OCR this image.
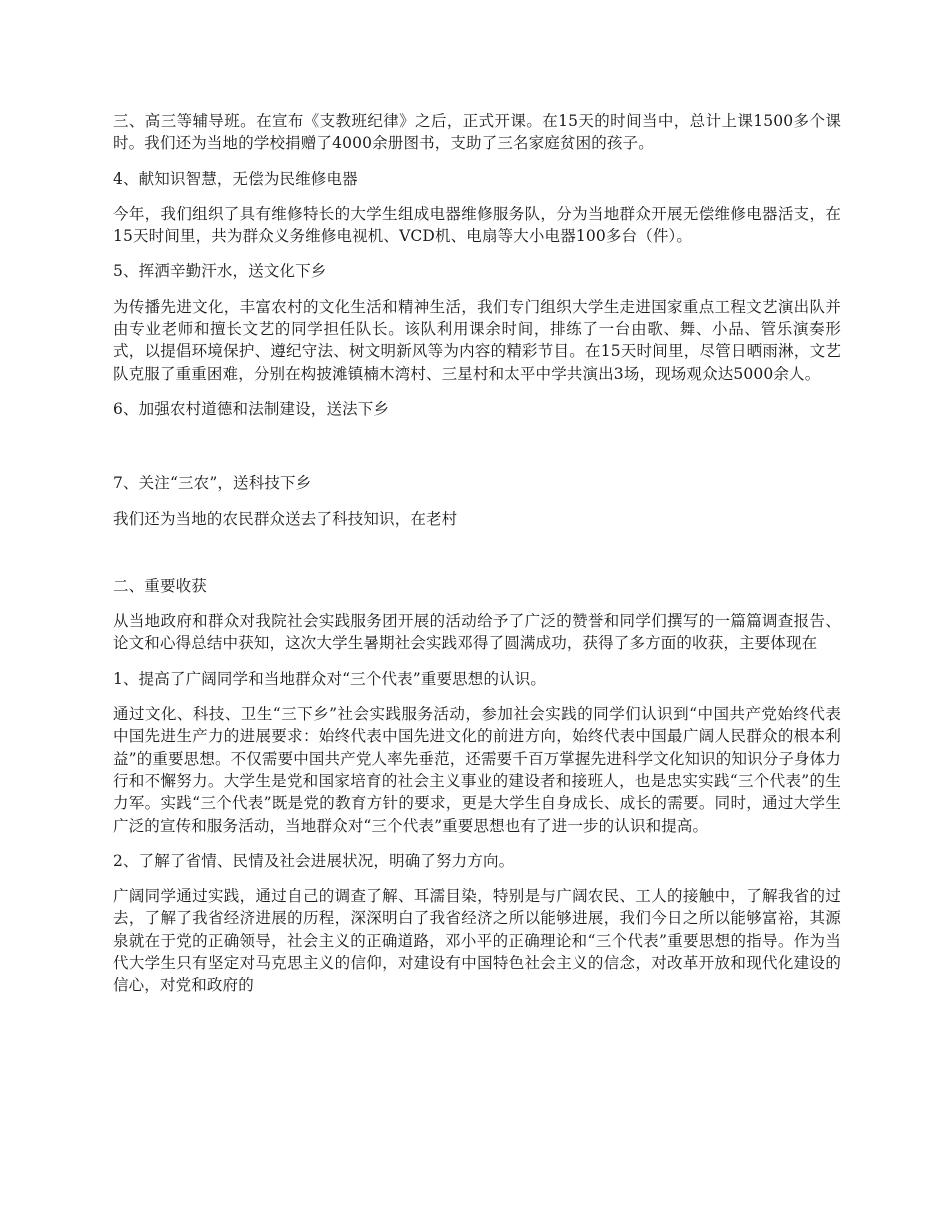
三、高三等辅导班。在宣布《支教班纪律》之后，正式开课。在15天的时间当中，总计上课1500多个课时。我们还为当地的学校捐赠了4000余册图书，支助了三名家庭贫困的孩子。

4、献知识智慧，无偿为民维修电器

今年，我们组织了具有维修特长的大学生组成电器维修服务队，分为当地群众开展无偿维修电器活支，在15天时间里，共为群众义务维修电视机、VCD机、电扇等大小电器100多台（件）。

5、挥洒辛勤汗水，送文化下乡

为传播先进文化，丰富农村的文化生活和精神生活，我们专门组织大学生走进国家重点工程文艺演出队并由专业老师和擅长文艺的同学担任队长。该队利用课余时间，排练了一台由歌、舞、小品、管乐演奏形式，以提倡环境保护、遵纪守法、树文明新风等为内容的精彩节目。在15天时间里，尽管日晒雨淋，文艺队克服了重重困难，分别在构披滩镇楠木湾村、三星村和太平中学共演出3场，现场观众达5000余人。

6、加强农村道德和法制建设，送法下乡

7、关注“三农”，送科技下乡

我们还为当地的农民群众送去了科技知识，在老村

二、重要收获

从当地政府和群众对我院社会实践服务团开展的活动给予了广泛的赞誉和同学们撰写的一篇篇调查报告、论文和心得总结中获知，这次大学生暑期社会实践邓得了圆满成功，获得了多方面的收获，主要体现在

1、提高了广阔同学和当地群众对“三个代表”重要思想的认识。

通过文化、科技、卫生“三下乡”社会实践服务活动，参加社会实践的同学们认识到“中国共产党始终代表中国先进生产力的进展要求：始终代表中国先进文化的前进方向，始终代表中国最广阔人民群众的根本利益”的重要思想。不仅需要中国共产党人率先垂范，还需要千百万掌握先进科学文化知识的知识分子身体力行和不懈努力。大学生是党和国家培育的社会主义事业的建设者和接班人，也是忠实实践“三个代表”的生力军。实践“三个代表”既是党的教育方针的要求，更是大学生自身成长、成长的需要。同时，通过大学生广泛的宣传和服务活动，当地群众对“三个代表”重要思想也有了进一步的认识和提高。

2、了解了省情、民情及社会进展状况，明确了努力方向。

广阔同学通过实践，通过自己的调查了解、耳濡目染，特别是与广阔农民、工人的接触中，了解我省的过去，了解了我省经济进展的历程，深深明白了我省经济之所以能够进展，我们今日之所以能够富裕，其源泉就在于党的正确领导，社会主义的正确道路，邓小平的正确理论和“三个代表”重要思想的指导。作为当代大学生只有坚定对马克思主义的信仰，对建设有中国特色社会主义的信念，对改革开放和现代化建设的信心，对党和政府的
